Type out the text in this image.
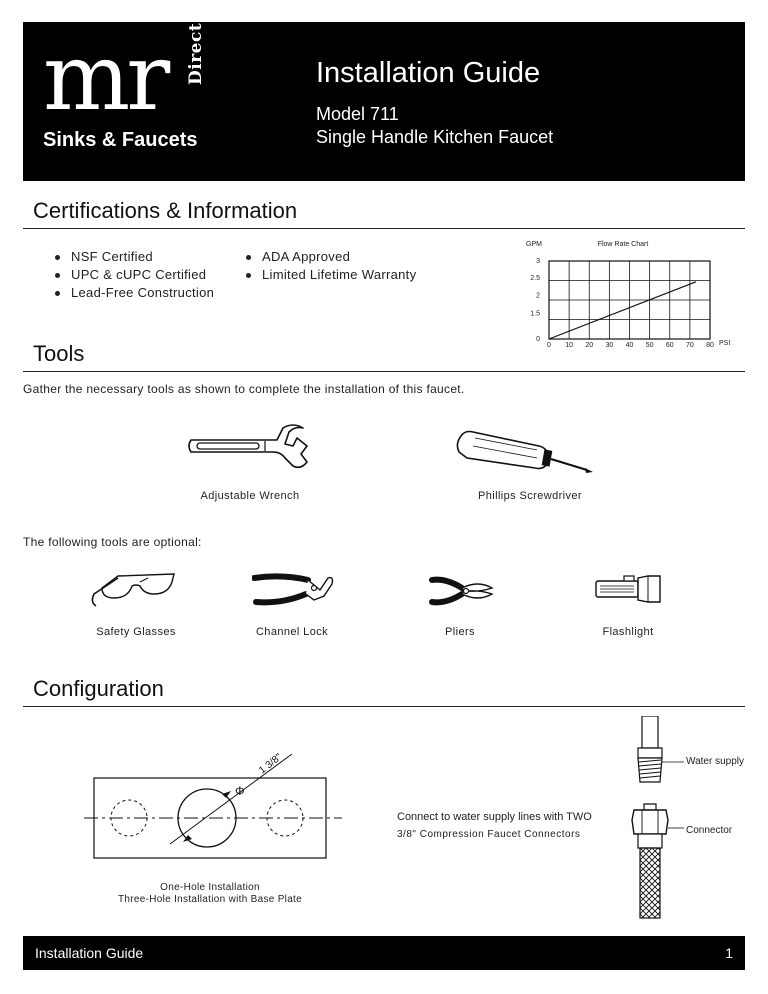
mr Direct
Sinks & Faucets
Installation Guide
Model 711
Single Handle Kitchen Faucet
Certifications & Information
NSF Certified
UPC & cUPC Certified
Lead-Free Construction
ADA Approved
Limited Lifetime Warranty
GPM	Flow Rate Chart
PSI
0 10 20 30 40 50 60 70 80
0
1.5
2
2.5
3
Tools
Gather the necessary tools as shown to complete the installation of this faucet.
Adjustable Wrench	Phillips Screwdriver
The following tools are optional:
Safety Glasses	Channel Lock	Pliers	Flashlight
Configuration
Φ
1 3/8"
One-Hole Installation
Three-Hole Installation with Base Plate
Connect to water supply lines with TWO
3/8" Compression Faucet Connectors
Water supply
Connector
Installation Guide	1
